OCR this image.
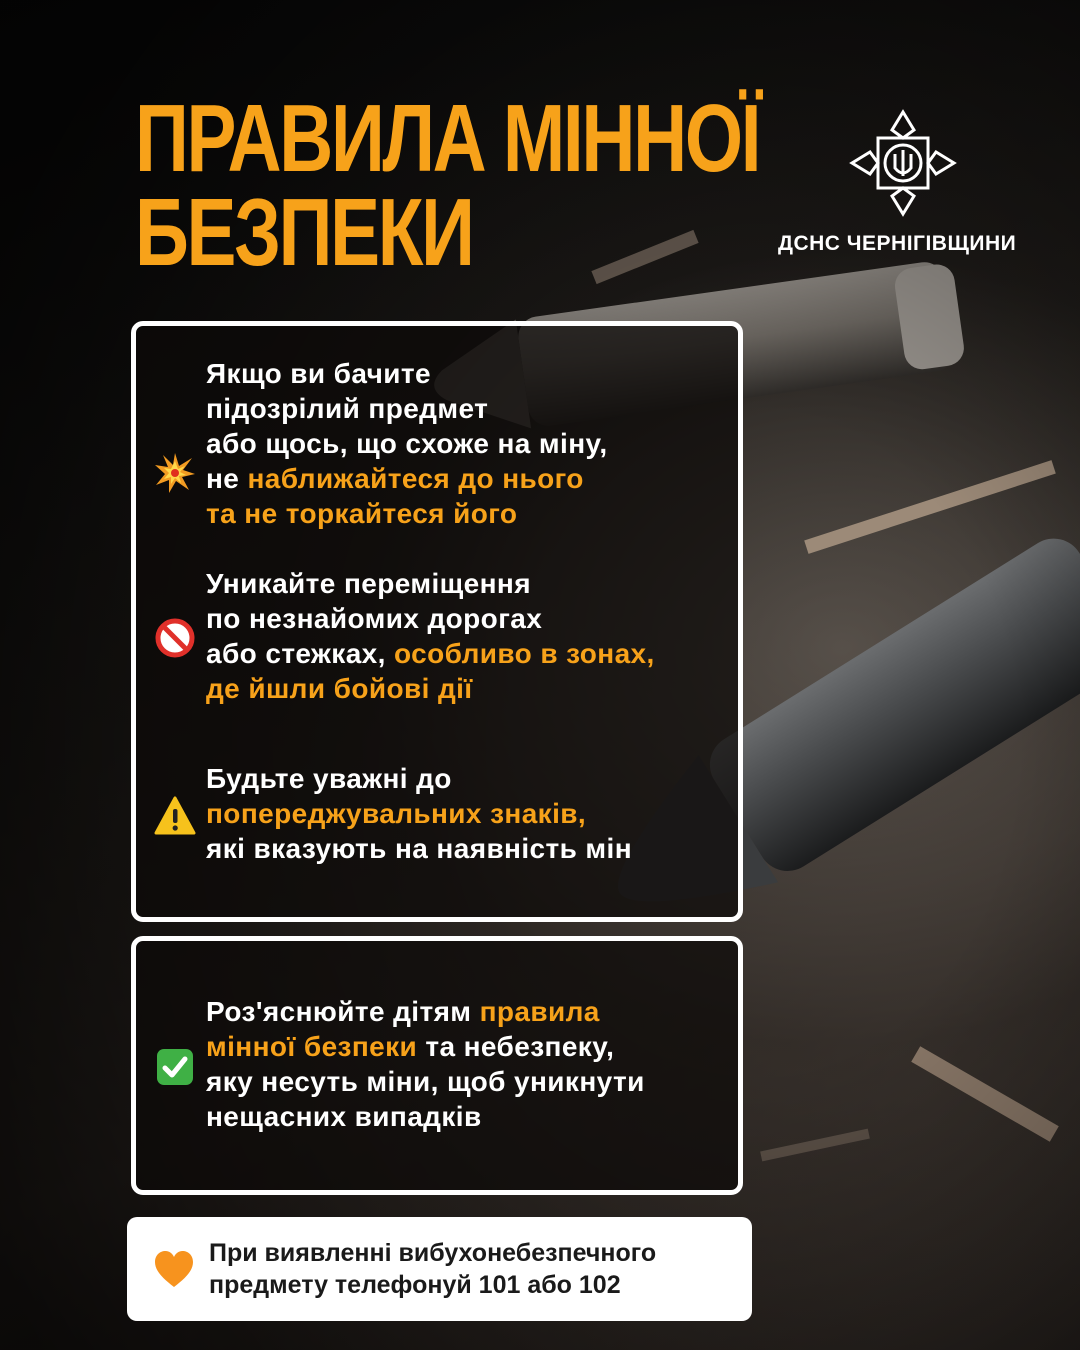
ПРАВИЛА МІННОЇ
БЕЗПЕКИ	ДСНС ЧЕРНІГІВЩИНИ
Якщо ви бачите
підозрілий предмет
або щось, що схоже на міну,
не наближайтеся до нього
та не торкайтеся його
Уникайте переміщення
по незнайомих дорогах
або стежках, особливо в зонах,
де йшли бойові дії
Будьте уважні до
попереджувальних знаків,
які вказують на наявність мін
Роз'яснюйте дітям правила
мінної безпеки та небезпеку,
яку несуть міни, щоб уникнути
нещасних випадків
При виявленні вибухонебезпечного
предмету телефонуй 101 або 102
